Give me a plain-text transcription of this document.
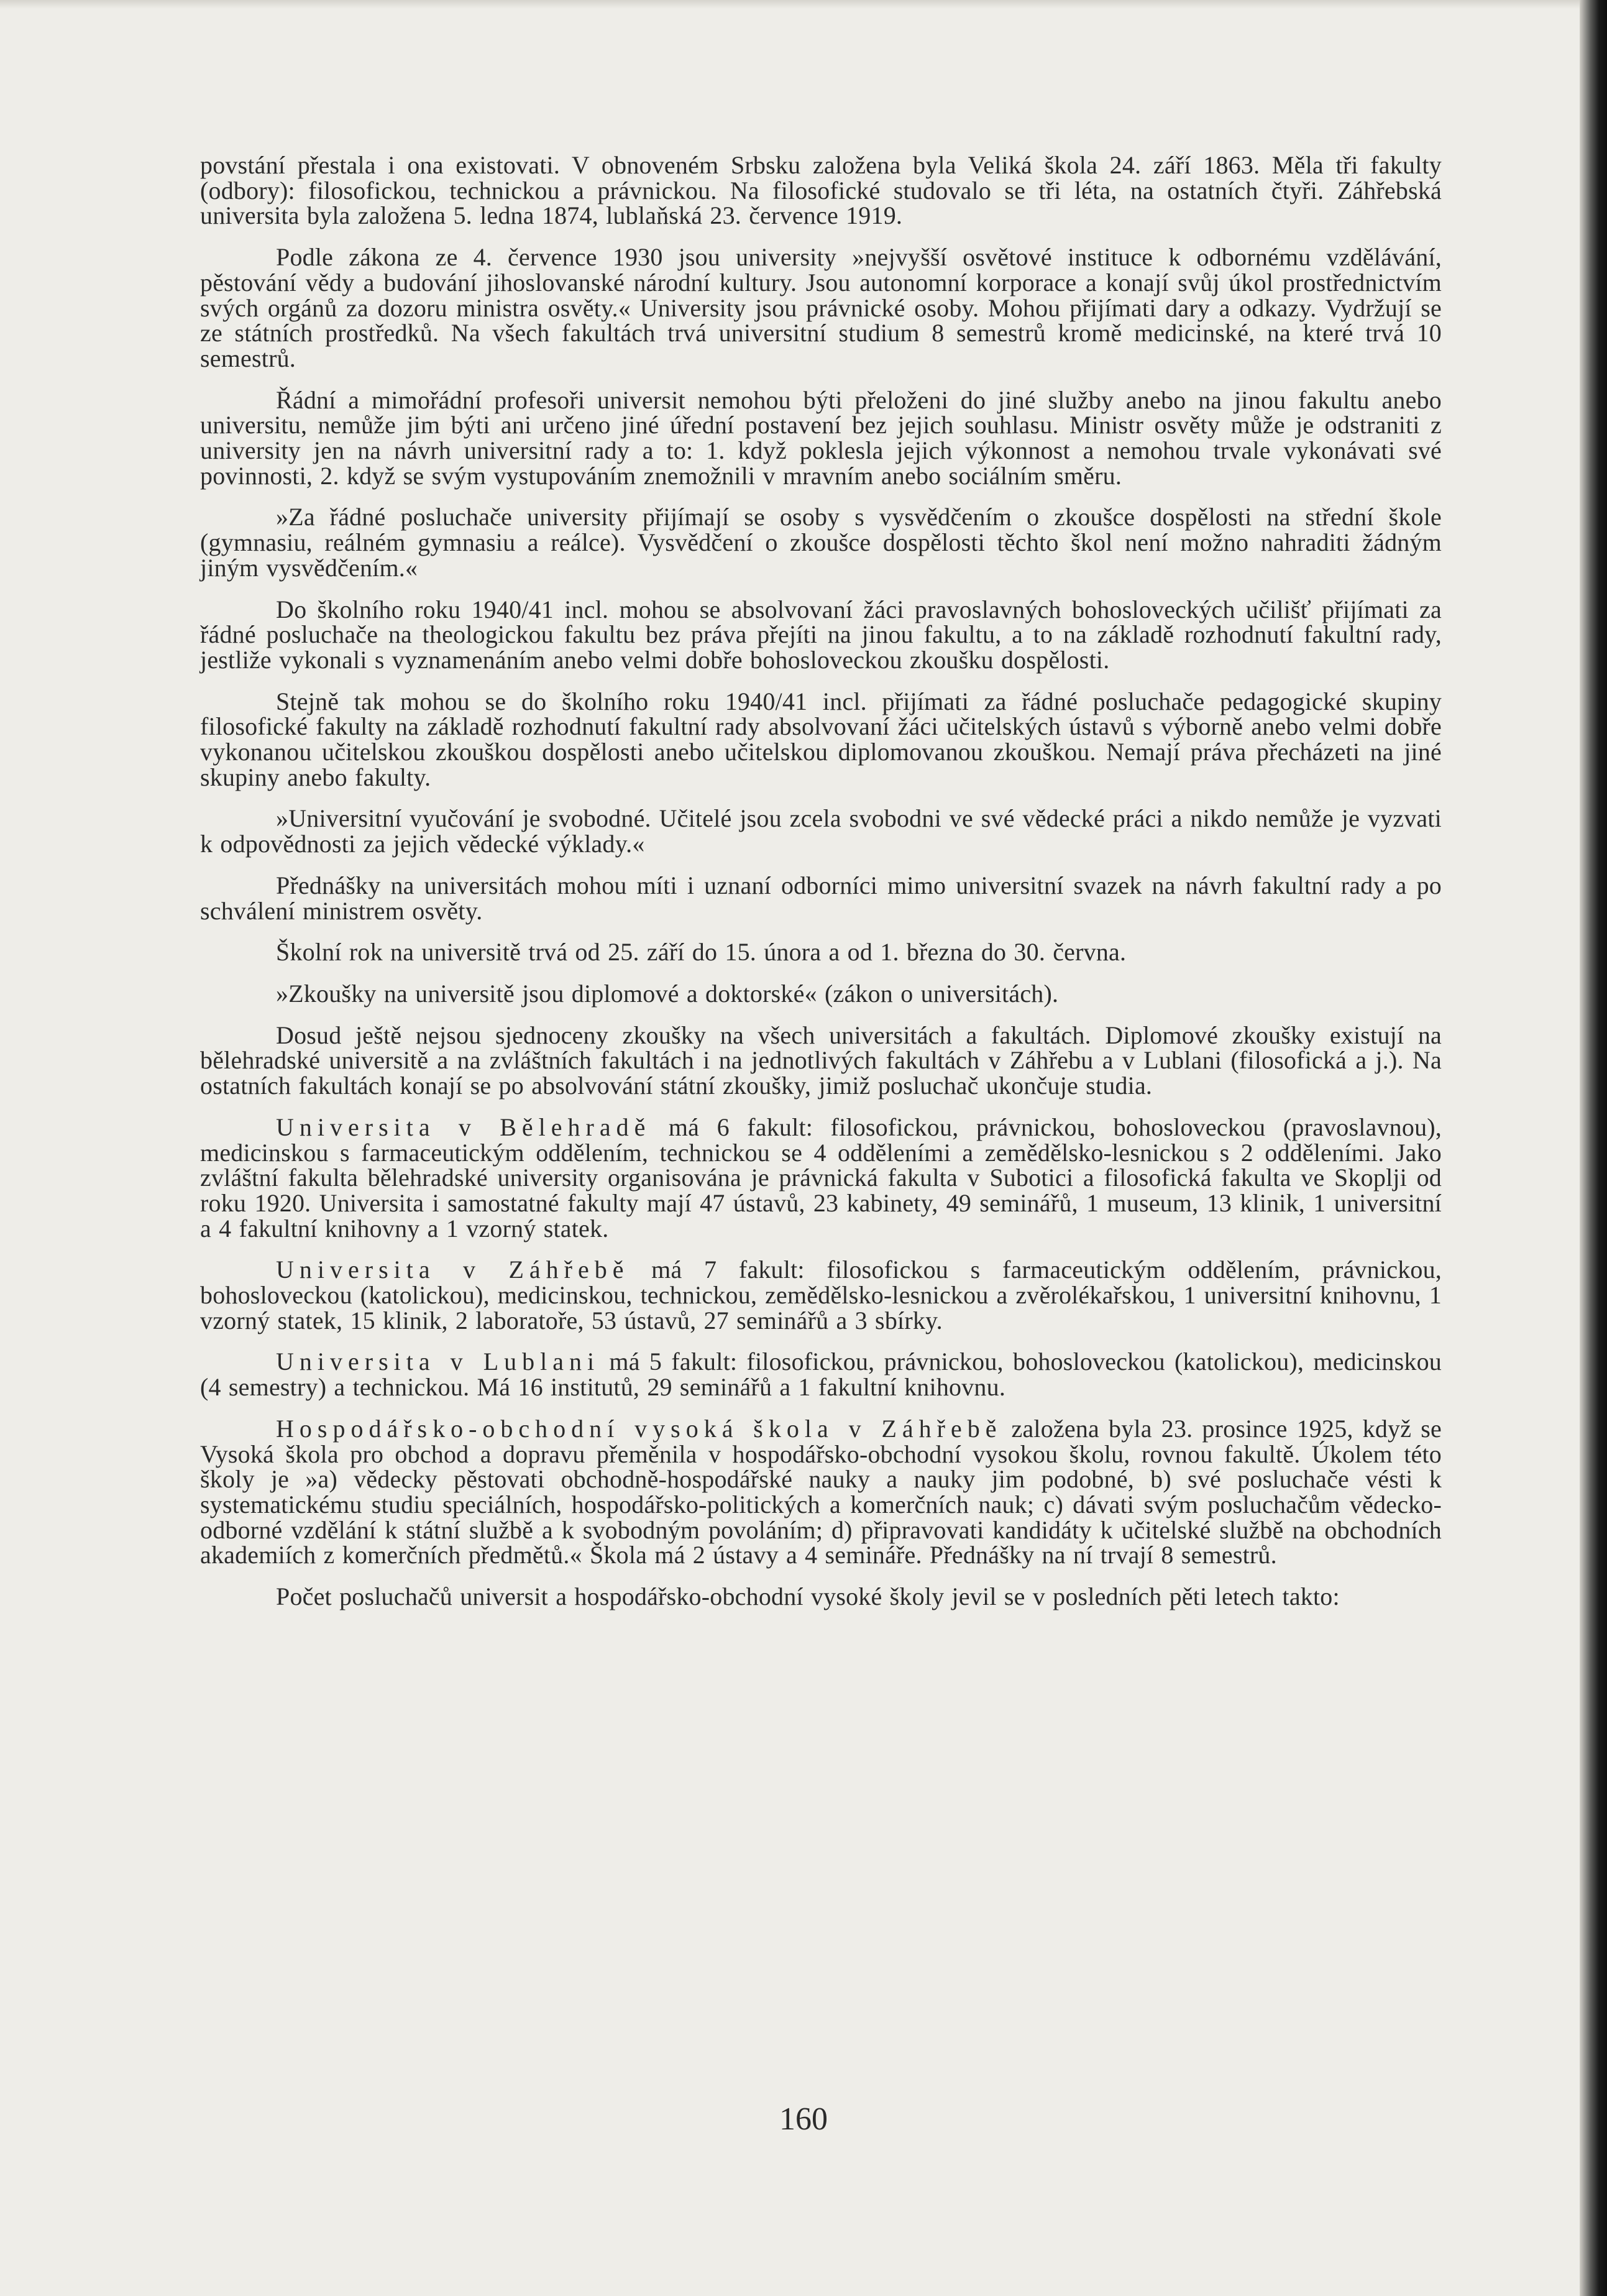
povstání přestala i ona existovati. V obnoveném Srbsku založena byla Veliká škola 24. září 1863. Měla tři fakulty (odbory): filosofickou, technickou a právnickou. Na filosofické studovalo se tři léta, na ostatních čtyři. Záhřebská universita byla založena 5. ledna 1874, lublaňská 23. července 1919.

Podle zákona ze 4. července 1930 jsou university »nejvyšší osvětové instituce k odbornému vzdělávání, pěstování vědy a budování jihoslovanské národní kultury. Jsou autonomní korporace a konají svůj úkol prostřednictvím svých orgánů za dozoru ministra osvěty.« University jsou právnické osoby. Mohou přijímati dary a odkazy. Vydržují se ze státních prostředků. Na všech fakultách trvá universitní studium 8 semestrů kromě medicinské, na které trvá 10 semestrů.

Řádní a mimořádní profesoři universit nemohou býti přeloženi do jiné služby anebo na jinou fakultu anebo universitu, nemůže jim býti ani určeno jiné úřední postavení bez jejich souhlasu. Ministr osvěty může je odstraniti z university jen na návrh universitní rady a to: 1. když poklesla jejich výkonnost a nemohou trvale vykonávati své povinnosti, 2. když se svým vystupováním znemožnili v mravním anebo sociálním směru.

»Za řádné posluchače university přijímají se osoby s vysvědčením o zkoušce dospělosti na střední škole (gymnasiu, reálném gymnasiu a reálce). Vysvědčení o zkoušce dospělosti těchto škol není možno nahraditi žádným jiným vysvědčením.«

Do školního roku 1940/41 incl. mohou se absolvovaní žáci pravoslavných bohosloveckých učilišť přijímati za řádné posluchače na theologickou fakultu bez práva přejíti na jinou fakultu, a to na základě rozhodnutí fakultní rady, jestliže vykonali s vyznamenáním anebo velmi dobře bohosloveckou zkoušku dospělosti.

Stejně tak mohou se do školního roku 1940/41 incl. přijímati za řádné posluchače pedagogické skupiny filosofické fakulty na základě rozhodnutí fakultní rady absolvovaní žáci učitelských ústavů s výborně anebo velmi dobře vykonanou učitelskou zkouškou dospělosti anebo učitelskou diplomovanou zkouškou. Nemají práva přecházeti na jiné skupiny anebo fakulty.

»Universitní vyučování je svobodné. Učitelé jsou zcela svobodni ve své vědecké práci a nikdo nemůže je vyzvati k odpovědnosti za jejich vědecké výklady.«

Přednášky na universitách mohou míti i uznaní odborníci mimo universitní svazek na návrh fakultní rady a po schválení ministrem osvěty.

Školní rok na universitě trvá od 25. září do 15. února a od 1. března do 30. června.

»Zkoušky na universitě jsou diplomové a doktorské« (zákon o universitách).

Dosud ještě nejsou sjednoceny zkoušky na všech universitách a fakultách. Diplomové zkoušky existují na bělehradské universitě a na zvláštních fakultách i na jednotlivých fakultách v Záhřebu a v Lublani (filosofická a j.). Na ostatních fakultách konají se po absolvování státní zkoušky, jimiž posluchač ukončuje studia.

Universita v Bělehradě má 6 fakult: filosofickou, právnickou, bohosloveckou (pravoslavnou), medicinskou s farmaceutickým oddělením, technickou se 4 odděleními a zemědělsko-lesnickou s 2 odděleními. Jako zvláštní fakulta bělehradské university organisována je právnická fakulta v Subotici a filosofická fakulta ve Skoplji od roku 1920. Universita i samostatné fakulty mají 47 ústavů, 23 kabinety, 49 seminářů, 1 museum, 13 klinik, 1 universitní a 4 fakultní knihovny a 1 vzorný statek.

Universita v Záhřebě má 7 fakult: filosofickou s farmaceutickým oddělením, právnickou, bohosloveckou (katolickou), medicinskou, technickou, zemědělsko-lesnickou a zvěrolékařskou, 1 universitní knihovnu, 1 vzorný statek, 15 klinik, 2 laboratoře, 53 ústavů, 27 seminářů a 3 sbírky.

Universita v Lublani má 5 fakult: filosofickou, právnickou, bohosloveckou (katolickou), medicinskou (4 semestry) a technickou. Má 16 institutů, 29 seminářů a 1 fakultní knihovnu.

Hospodářsko-obchodní vysoká škola v Záhřebě založena byla 23. prosince 1925, když se Vysoká škola pro obchod a dopravu přeměnila v hospodářsko-obchodní vysokou školu, rovnou fakultě. Úkolem této školy je »a) vědecky pěstovati obchodně-hospodářské nauky a nauky jim podobné, b) své posluchače vésti k systematickému studiu speciálních, hospodářsko-politických a komerčních nauk; c) dávati svým posluchačům vědecko-odborné vzdělání k státní službě a k svobodným povoláním; d) připravovati kandidáty k učitelské službě na obchodních akademiích z komerčních předmětů.« Škola má 2 ústavy a 4 semináře. Přednášky na ní trvají 8 semestrů.

Počet posluchačů universit a hospodářsko-obchodní vysoké školy jevil se v posledních pěti letech takto:

160
